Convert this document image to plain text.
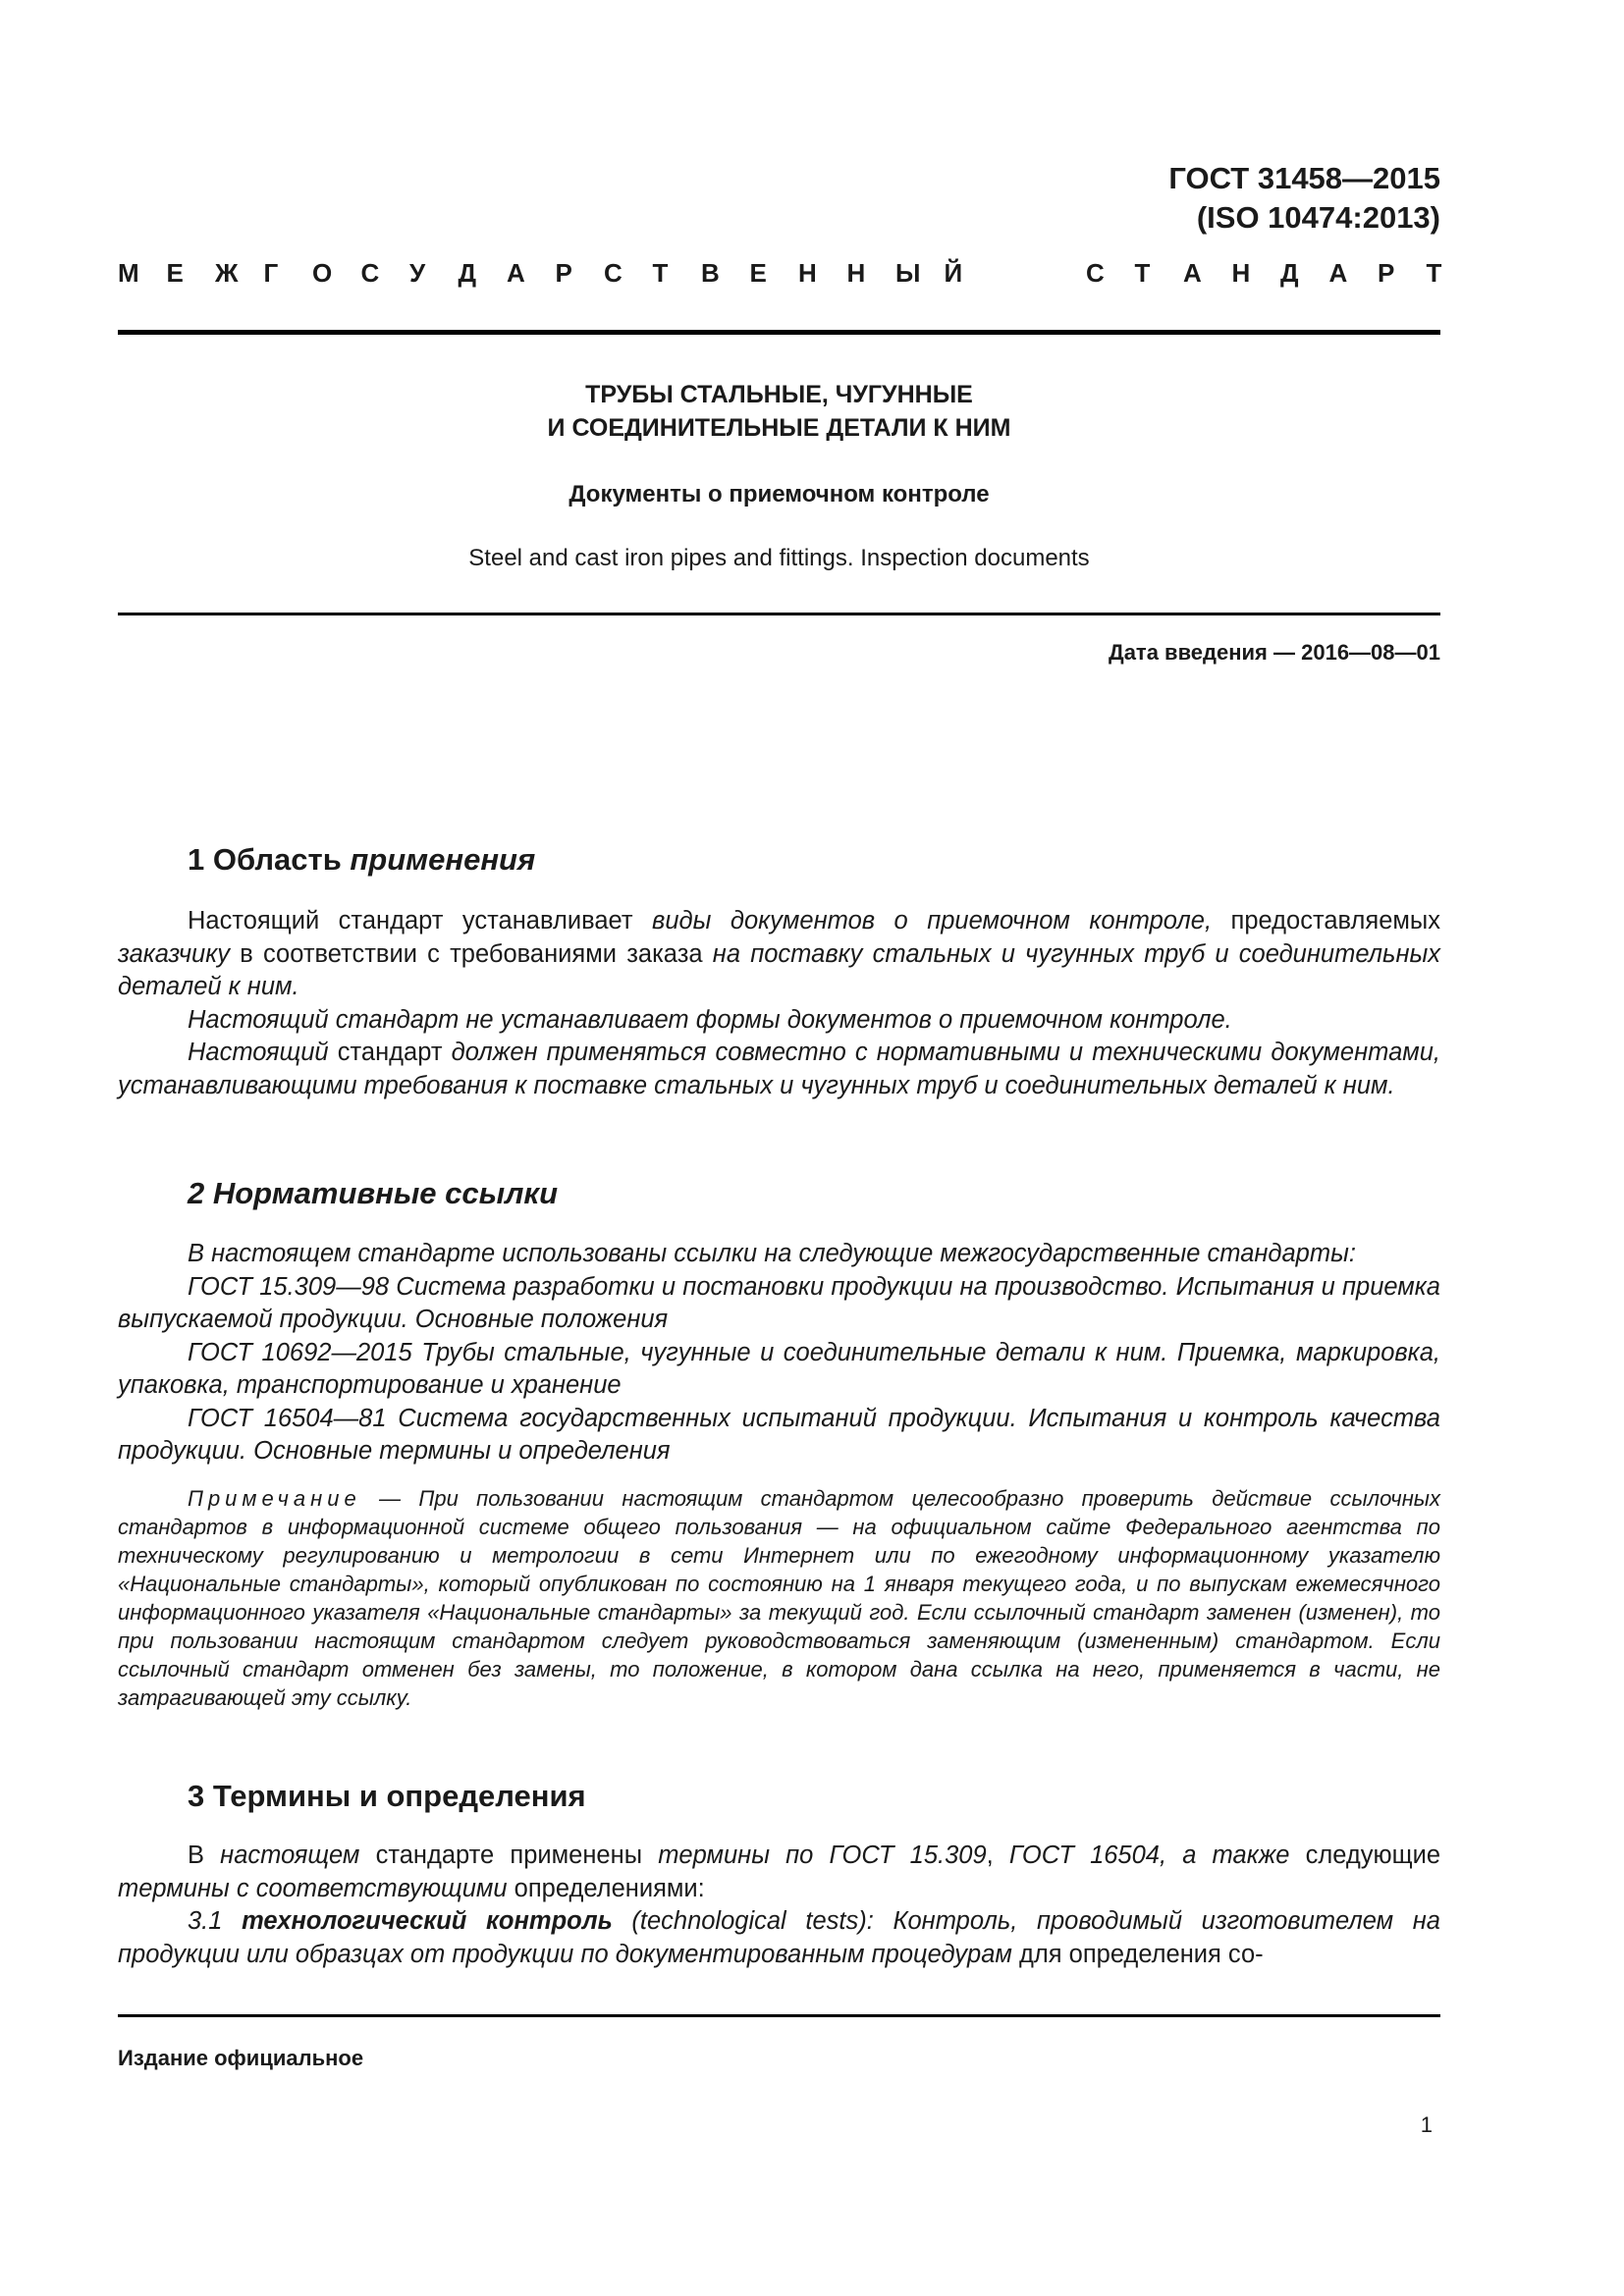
ГОСТ 31458—2015
(ISO 10474:2013)
М Е Ж Г О С У Д А Р С Т В Е Н Н Ы Й	С Т А Н Д А Р Т
ТРУБЫ СТАЛЬНЫЕ, ЧУГУННЫЕ
И СОЕДИНИТЕЛЬНЫЕ ДЕТАЛИ К НИМ
Документы о приемочном контроле
Steel and cast iron pipes and fittings. Inspection documents
Дата введения — 2016—08—01
1 Область применения

Настоящий стандарт устанавливает виды документов о приемочном контроле, предоставляемых заказчику в соответствии с требованиями заказа на поставку стальных и чугунных труб и соединительных деталей к ним.

Настоящий стандарт не устанавливает формы документов о приемочном контроле.

Настоящий стандарт должен применяться совместно с нормативными и техническими документами, устанавливающими требования к поставке стальных и чугунных труб и соединительных деталей к ним.

2 Нормативные ссылки

В настоящем стандарте использованы ссылки на следующие межгосударственные стандарты:

ГОСТ 15.309—98 Система разработки и постановки продукции на производство. Испытания и приемка выпускаемой продукции. Основные положения

ГОСТ 10692—2015 Трубы стальные, чугунные и соединительные детали к ним. Приемка, маркировка, упаковка, транспортирование и хранение

ГОСТ 16504—81 Система государственных испытаний продукции. Испытания и контроль качества продукции. Основные термины и определения

Примечание — При пользовании настоящим стандартом целесообразно проверить действие ссылочных стандартов в информационной системе общего пользования — на официальном сайте Федерального агентства по техническому регулированию и метрологии в сети Интернет или по ежегодному информационному указателю «Национальные стандарты», который опубликован по состоянию на 1 января текущего года, и по выпускам ежемесячного информационного указателя «Национальные стандарты» за текущий год. Если ссылочный стандарт заменен (изменен), то при пользовании настоящим стандартом следует руководствоваться заменяющим (измененным) стандартом. Если ссылочный стандарт отменен без замены, то положение, в котором дана ссылка на него, применяется в части, не затрагивающей эту ссылку.

3 Термины и определения

В настоящем стандарте применены термины по ГОСТ 15.309, ГОСТ 16504, а также следующие термины с соответствующими определениями:

3.1 технологический контроль (technological tests): Контроль, проводимый изготовителем на продукции или образцах от продукции по документированным процедурам для определения со-

Издание официальное
1
